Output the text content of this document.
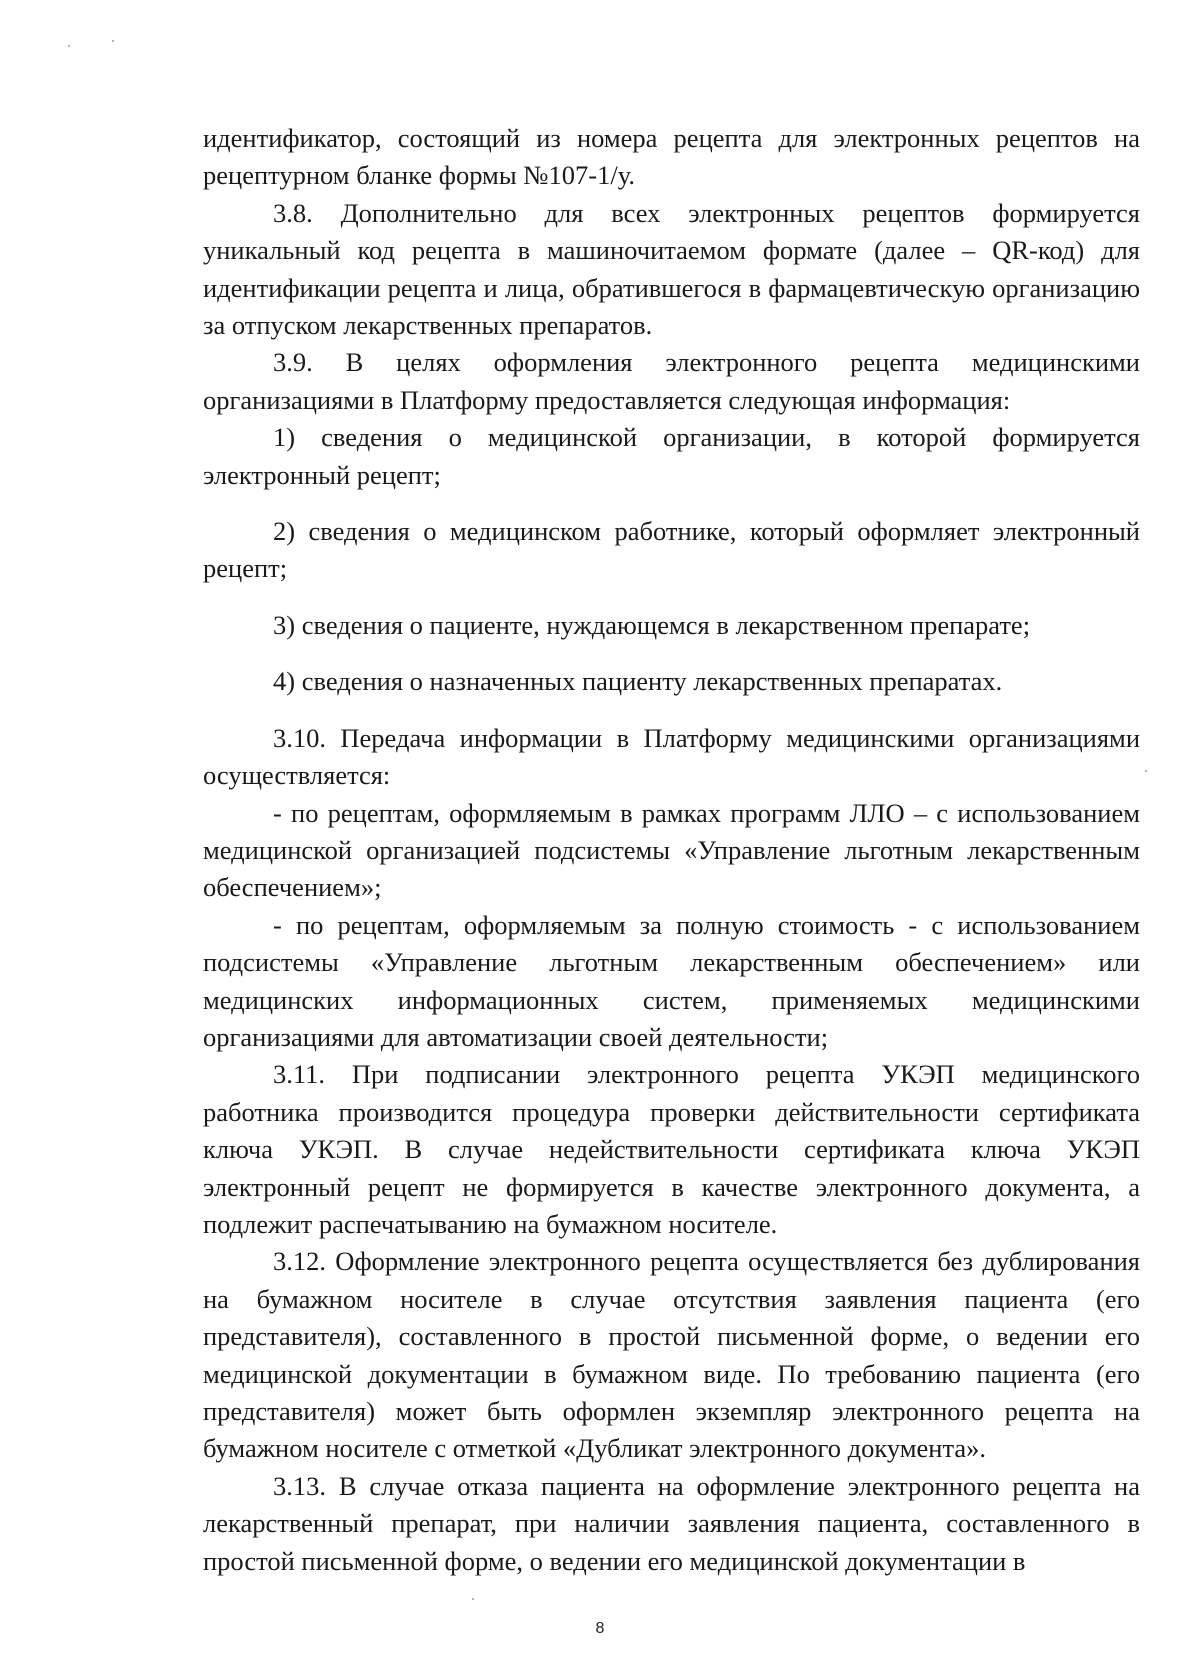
идентификатор, состоящий из номера рецепта для электронных рецептов на рецептурном бланке формы №107-1/у.

3.8. Дополнительно для всех электронных рецептов формируется уникальный код рецепта в машиночитаемом формате (далее – QR-код) для идентификации рецепта и лица, обратившегося в фармацевтическую организацию за отпуском лекарственных препаратов.

3.9. В целях оформления электронного рецепта медицинскими организациями в Платформу предоставляется следующая информация:

1) сведения о медицинской организации, в которой формируется электронный рецепт;

2) сведения о медицинском работнике, который оформляет электронный рецепт;

3) сведения о пациенте, нуждающемся в лекарственном препарате;

4) сведения о назначенных пациенту лекарственных препаратах.

3.10. Передача информации в Платформу медицинскими организациями осуществляется:

- по рецептам, оформляемым в рамках программ ЛЛО – с использованием медицинской организацией подсистемы «Управление льготным лекарственным обеспечением»;

- по рецептам, оформляемым за полную стоимость - с использованием подсистемы «Управление льготным лекарственным обеспечением» или медицинских информационных систем, применяемых медицинскими организациями для автоматизации своей деятельности;

3.11. При подписании электронного рецепта УКЭП медицинского работника производится процедура проверки действительности сертификата ключа УКЭП. В случае недействительности сертификата ключа УКЭП электронный рецепт не формируется в качестве электронного документа, а подлежит распечатыванию на бумажном носителе.

3.12. Оформление электронного рецепта осуществляется без дублирования на бумажном носителе в случае отсутствия заявления пациента (его представителя), составленного в простой письменной форме, о ведении его медицинской документации в бумажном виде. По требованию пациента (его представителя) может быть оформлен экземпляр электронного рецепта на бумажном носителе с отметкой «Дубликат электронного документа».

3.13. В случае отказа пациента на оформление электронного рецепта на лекарственный препарат, при наличии заявления пациента, составленного в простой письменной форме, о ведении его медицинской документации в

8
